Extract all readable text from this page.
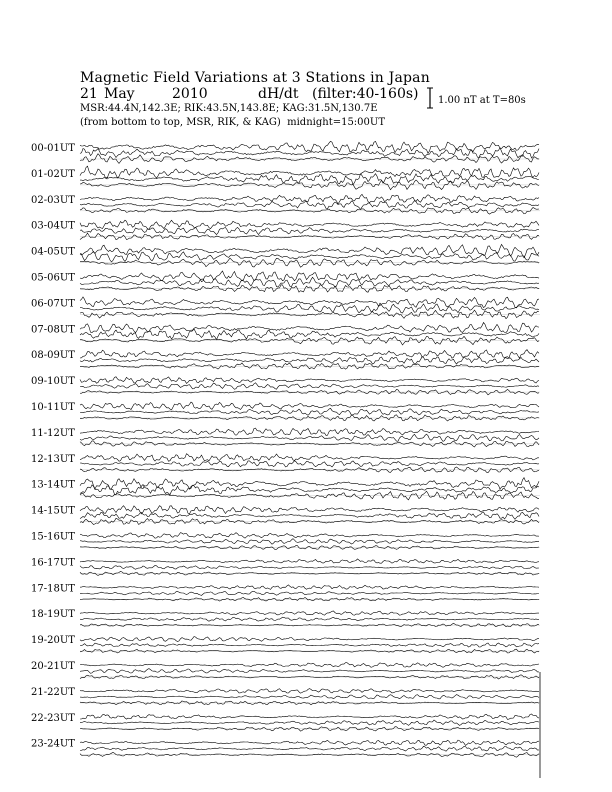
Magnetic Field Variations at 3 Stations in Japan
21 May	2010	dH/dt (filter:40-160s)
MSR:44.4N,142.3E; RIK:43.5N,143.8E; KAG:31.5N,130.7E
(from bottom to top, MSR, RIK, & KAG) midnight=15:00UT
1.00 nT at T=80s
00-01UT
01-02UT
02-03UT
03-04UT
04-05UT
05-06UT
06-07UT
07-08UT
08-09UT
09-10UT
10-11UT
11-12UT
12-13UT
13-14UT
14-15UT
15-16UT
16-17UT
17-18UT
18-19UT
19-20UT
20-21UT
21-22UT
22-23UT
23-24UT
